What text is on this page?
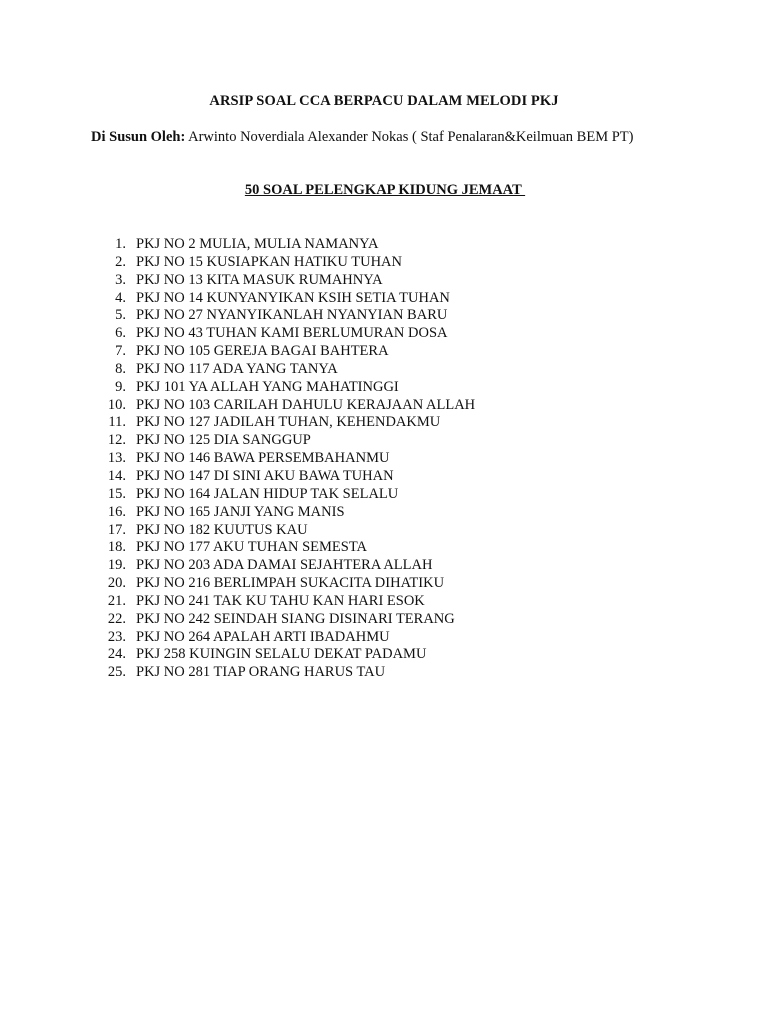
ARSIP SOAL CCA BERPACU DALAM MELODI PKJ
Di Susun Oleh: Arwinto Noverdiala Alexander Nokas ( Staf Penalaran&Keilmuan BEM PT)
50 SOAL PELENGKAP KIDUNG JEMAAT
1. PKJ NO 2 MULIA, MULIA NAMANYA
2. PKJ NO 15 KUSIAPKAN HATIKU TUHAN
3. PKJ NO 13 KITA MASUK RUMAHNYA
4. PKJ NO 14 KUNYANYIKAN KSIH SETIA TUHAN
5. PKJ NO 27 NYANYIKANLAH NYANYIAN BARU
6. PKJ NO 43 TUHAN KAMI BERLUMURAN DOSA
7. PKJ NO 105 GEREJA BAGAI BAHTERA
8. PKJ NO 117 ADA YANG TANYA
9. PKJ 101 YA ALLAH YANG MAHATINGGI
10. PKJ NO 103 CARILAH DAHULU KERAJAAN ALLAH
11. PKJ NO 127 JADILAH TUHAN, KEHENDAKMU
12. PKJ NO 125 DIA SANGGUP
13. PKJ NO 146 BAWA PERSEMBAHANMU
14. PKJ NO 147 DI SINI AKU BAWA TUHAN
15. PKJ NO 164 JALAN HIDUP TAK SELALU
16. PKJ NO 165 JANJI YANG MANIS
17. PKJ NO 182 KUUTUS KAU
18. PKJ NO 177 AKU TUHAN SEMESTA
19. PKJ NO 203 ADA DAMAI SEJAHTERA ALLAH
20. PKJ NO 216 BERLIMPAH SUKACITA DIHATIKU
21. PKJ NO 241 TAK KU TAHU KAN HARI ESOK
22. PKJ NO 242 SEINDAH SIANG DISINARI TERANG
23. PKJ NO 264 APALAH ARTI IBADAHMU
24. PKJ 258 KUINGIN SELALU DEKAT PADAMU
25. PKJ NO 281 TIAP ORANG HARUS TAU
